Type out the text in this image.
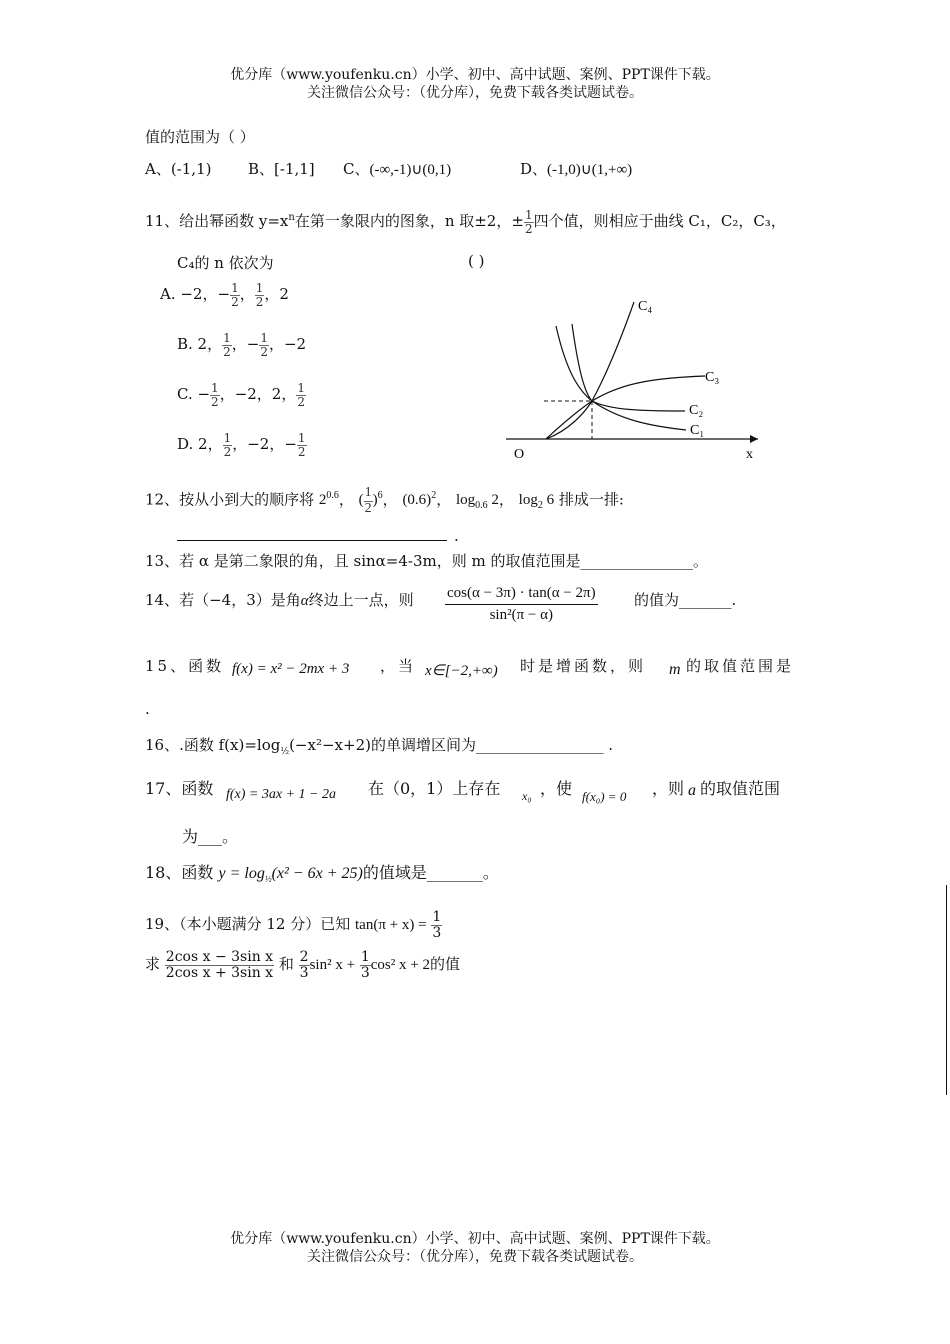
优分库（www.youfenku.cn）小学、初中、高中试题、案例、PPT课件下载。
关注微信公众号：（优分库），免费下载各类试题试卷。
值的范围为（ ）
A、(-1,1) B、[-1,1] C、(-∞,-1)∪(0,1)	D、(-1,0)∪(1,+∞)
11、给出幂函数 $y=x^n$在第一象限内的图象，n 取±2，± $\frac{1}{2}$ 四个值，则相应于曲线 C₁，C₂，C₃，
C₄的 n 依次为	( )
A. −2，− $\frac{1}{2}$ ， $\frac{1}{2}$ ，2
B. 2， $\frac{1}{2}$ ，− $\frac{1}{2}$ ，−2
C. − $\frac{1}{2}$ ，−2，2， $\frac{1}{2}$
D. 2， $\frac{1}{2}$ ，−2，− $\frac{1}{2}$
C₄
C₃
C₂
C₁
O	x
12、按从小到大的顺序将 $2^{0.6}$， ( $\frac{1}{2} )^6$， $(0.6)^2$， $\log_{0.6} 2$， $\log_2 6$ 排成一排:
.
13、若 α 是第二象限的角，且 sinα=4-3m，则 m 的取值范围是_______________。
14、若（−4，3）是角α终边上一点，则 cos(α − 3π) · tan(α − 2π)
sin²(π − α)
的值为_______.
15、函数 f(x) = x² − 2mx + 3 ，当 x∈[−2,+∞) 时是增函数，则 m 的取值范围是
.
16、.函数 $f(x)=\log_{\frac{1}{2}}(-x^2-x+2)$的单调增区间为_________________ .
17、函数 f(x) = 3ax + 1 − 2a 在（0，1）上存在 x₀ ，使 f(x₀) = 0 ，则 a 的取值范围
为___。
18、函数 $y = \log_{\frac{1}{2}}(x^2 - 6x + 25)$的值域是_______。
19、（本小题满分 12 分）已知 $\tan(\pi + x) = \frac{1}{3}$
求 $\frac{\text{2cos x − 3sin x}}{\text{2cos x + 3sin x}}$ 和 $\frac{2}{3} \sin^2$ $x + \frac{1}{3} \cos^2$ x + 2的值
优分库（www.youfenku.cn）小学、初中、高中试题、案例、PPT课件下载。
关注微信公众号：（优分库），免费下载各类试题试卷。
